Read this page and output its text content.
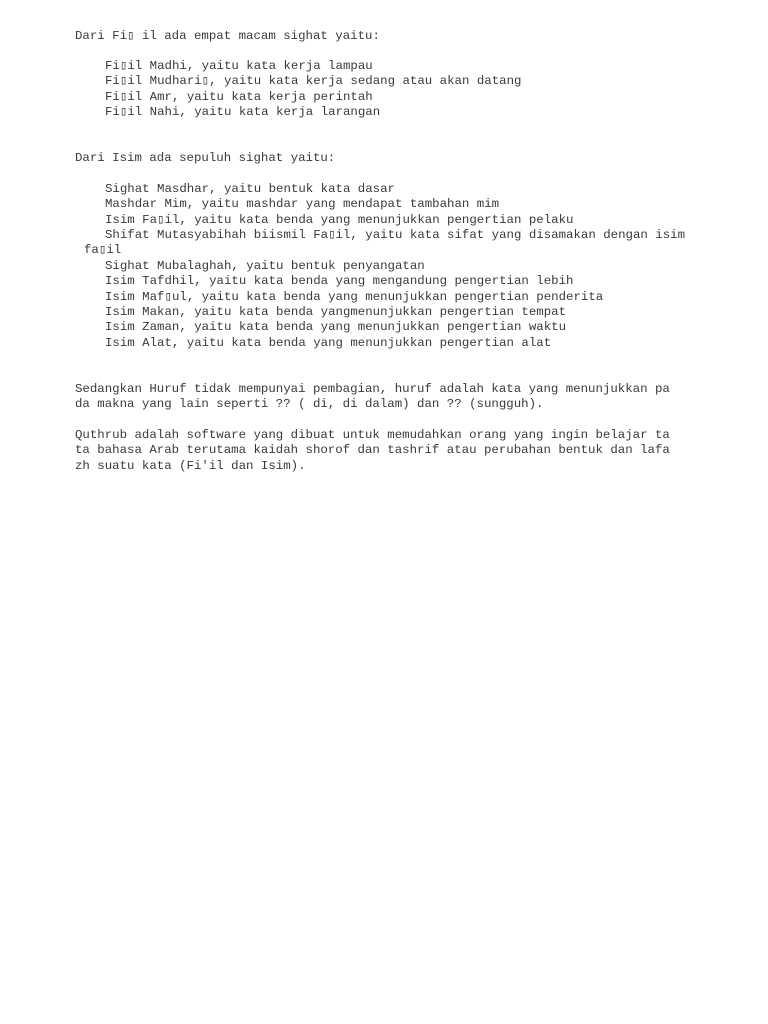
Dari Fi▯ il ada empat macam sighat yaitu:

Fi▯il Madhi, yaitu kata kerja lampau

Fi▯il Mudhari▯, yaitu kata kerja sedang atau akan datang

Fi▯il Amr, yaitu kata kerja perintah

Fi▯il Nahi, yaitu kata kerja larangan

Dari Isim ada sepuluh sighat yaitu:

Sighat Masdhar, yaitu bentuk kata dasar

Mashdar Mim, yaitu mashdar yang mendapat tambahan mim

Isim Fa▯il, yaitu kata benda yang menunjukkan pengertian pelaku

Shifat Mutasyabihah biismil Fa▯il, yaitu kata sifat yang disamakan dengan isim

fa▯il

Sighat Mubalaghah, yaitu bentuk penyangatan

Isim Tafdhil, yaitu kata benda yang mengandung pengertian lebih

Isim Maf▯ul, yaitu kata benda yang menunjukkan pengertian penderita

Isim Makan, yaitu kata benda yangmenunjukkan pengertian tempat

Isim Zaman, yaitu kata benda yang menunjukkan pengertian waktu

Isim Alat, yaitu kata benda yang menunjukkan pengertian alat

Sedangkan Huruf tidak mempunyai pembagian, huruf adalah kata yang menunjukkan pa

da makna yang lain seperti ?? ( di, di dalam) dan ?? (sungguh).

Quthrub adalah software yang dibuat untuk memudahkan orang yang ingin belajar ta

ta bahasa Arab terutama kaidah shorof dan tashrif atau perubahan bentuk dan lafa

zh suatu kata (Fi'il dan Isim).
